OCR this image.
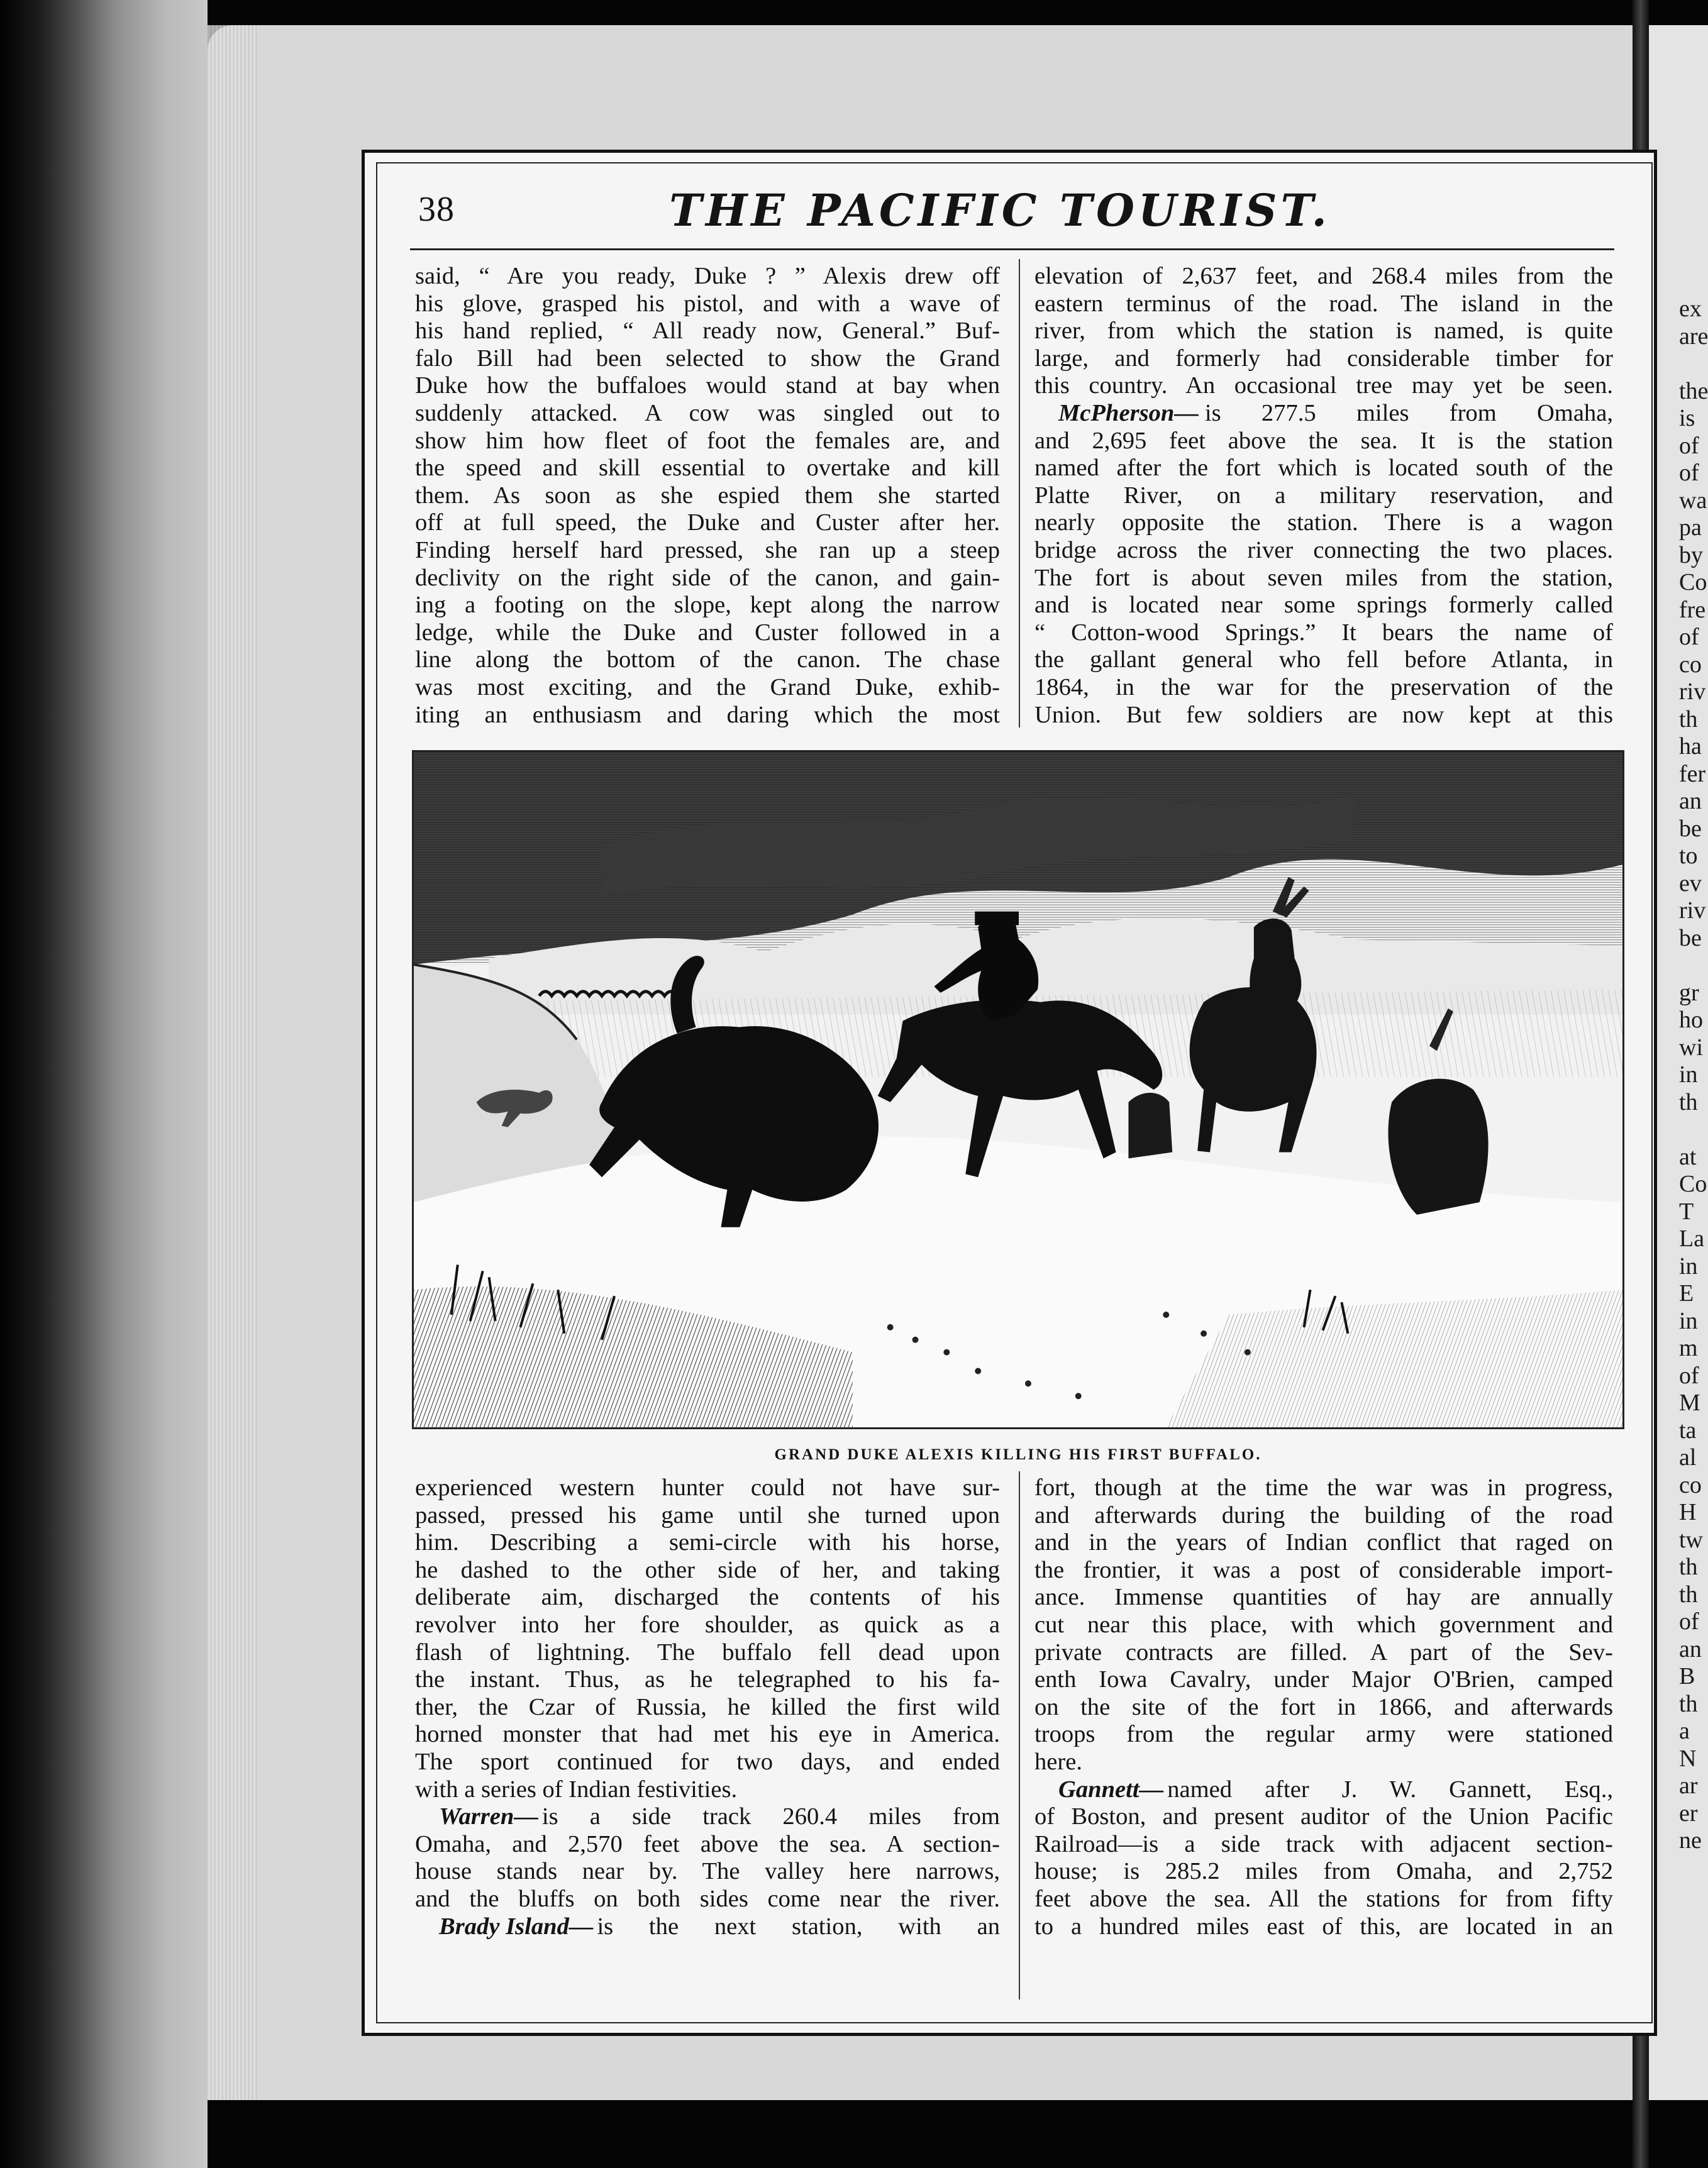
ex
are
the
is
of
of
wa
pa
by
Co
fre
of
co
riv
th
ha
fer
an
be
to
ev
riv
be
gr
ho
wi
in
th
at
Co
T
La
in
E
in
m
of
M
ta
al
co
H
tw
th
th
of
an
B
th
a
N
ar
er
ne
38	THE PACIFIC TOURIST.
said, “ Are you ready, Duke ? ” Alexis drew off
his glove, grasped his pistol, and with a wave of
his hand replied, “ All ready now, General.” Buf-
falo Bill had been selected to show the Grand
Duke how the buffaloes would stand at bay when
suddenly attacked. A cow was singled out to
show him how fleet of foot the females are, and
the speed and skill essential to overtake and kill
them. As soon as she espied them she started
off at full speed, the Duke and Custer after her.
Finding herself hard pressed, she ran up a steep
declivity on the right side of the canon, and gain-
ing a footing on the slope, kept along the narrow
ledge, while the Duke and Custer followed in a
line along the bottom of the canon. The chase
was most exciting, and the Grand Duke, exhib-
iting an enthusiasm and daring which the most
elevation of 2,637 feet, and 268.4 miles from the
eastern terminus of the road. The island in the
river, from which the station is named, is quite
large, and formerly had considerable timber for
this country. An occasional tree may yet be seen.
McPherson— is 277.5 miles from Omaha,
and 2,695 feet above the sea. It is the station
named after the fort which is located south of the
Platte River, on a military reservation, and
nearly opposite the station. There is a wagon
bridge across the river connecting the two places.
The fort is about seven miles from the station,
and is located near some springs formerly called
“ Cotton-wood Springs.” It bears the name of
the gallant general who fell before Atlanta, in
1864, in the war for the preservation of the
Union. But few soldiers are now kept at this
GRAND DUKE ALEXIS KILLING HIS FIRST BUFFALO.
experienced western hunter could not have sur-
passed, pressed his game until she turned upon
him. Describing a semi-circle with his horse,
he dashed to the other side of her, and taking
deliberate aim, discharged the contents of his
revolver into her fore shoulder, as quick as a
flash of lightning. The buffalo fell dead upon
the instant. Thus, as he telegraphed to his fa-
ther, the Czar of Russia, he killed the first wild
horned monster that had met his eye in America.
The sport continued for two days, and ended
with a series of Indian festivities.
Warren— is a side track 260.4 miles from
Omaha, and 2,570 feet above the sea. A section-
house stands near by. The valley here narrows,
and the bluffs on both sides come near the river.
Brady Island— is the next station, with an
fort, though at the time the war was in progress,
and afterwards during the building of the road
and in the years of Indian conflict that raged on
the frontier, it was a post of considerable import-
ance. Immense quantities of hay are annually
cut near this place, with which government and
private contracts are filled. A part of the Sev-
enth Iowa Cavalry, under Major O'Brien, camped
on the site of the fort in 1866, and afterwards
troops from the regular army were stationed
here.
Gannett— named after J. W. Gannett, Esq.,
of Boston, and present auditor of the Union Pacific
Railroad—is a side track with adjacent section-
house; is 285.2 miles from Omaha, and 2,752
feet above the sea. All the stations for from fifty
to a hundred miles east of this, are located in an
